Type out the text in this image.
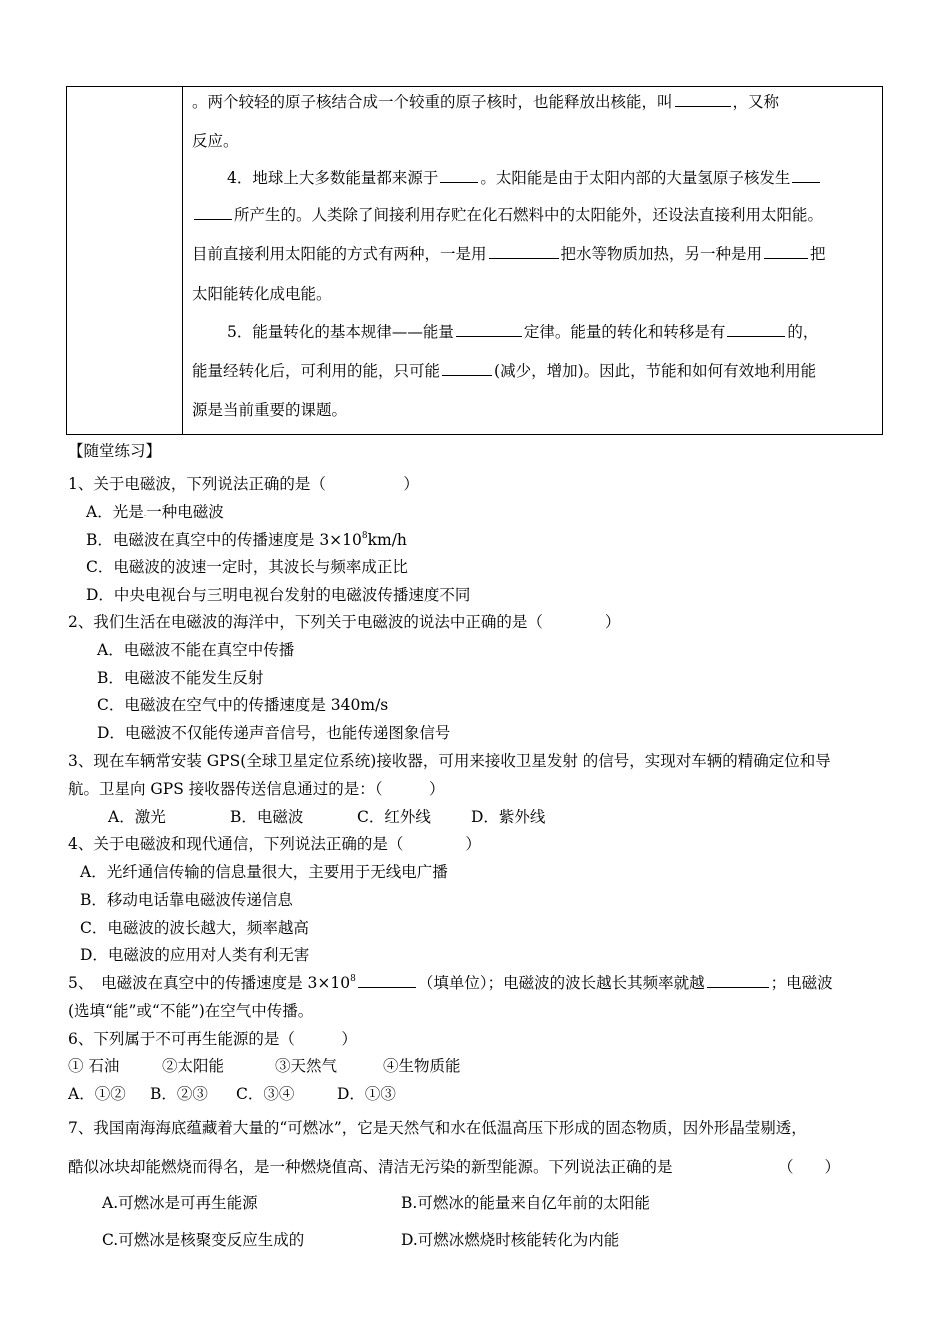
。两个较轻的原子核结合成一个较重的原子核时，也能释放出核能，叫	，又称
反应。
4．地球上大多数能量都来源于	。太阳能是由于太阳内部的大量氢原子核发生
所产生的。人类除了间接利用存贮在化石燃料中的太阳能外，还设法直接利用太阳能。
目前直接利用太阳能的方式有两种，一是用	把水等物质加热，另一种是用	把
太阳能转化成电能。
5．能量转化的基本规律——能量	定律。能量的转化和转移是有	的，
能量经转化后，可利用的能，只可能	(减少，增加)。因此，节能和如何有效地利用能
源是当前重要的课题。
【随堂练习】
1、关于电磁波，下列说法正确的是（　　　　　）
A．光是.一种电磁波
B．电磁波在真空中的传播速度是 $3\times 10^8km/h$
C．电磁波的波速一定时，其波长与频率成正比
D．中央电视台与三明电视台发射的电磁波传播速度不同
2、我们生活在电磁波的海洋中，下列关于电磁波的说法中正确的是（　　　　）
A．电磁波不能在真空中传播
B．电磁波不能发生反射
C．电磁波在空气中的传播速度是 340m/s
D．电磁波不仅能传递声音信号，也能传递图象信号
3、现在车辆常安装 GPS(全球卫星定位系统)接收器，可用来接收卫星发射 的信号，实现对车辆的精确定位和导
航。卫星向 GPS 接收器传送信息通过的是：（　　　）
A．激光	B．电磁波	C．红外线	D．紫外线
4、关于电磁波和现代通信，下列说法正确的是（　　　　）
A．光纤通信传输的信息量很大，主要用于无线电广播
B．移动电话靠电磁波传递信息
C．电磁波的波长越大，频率越高
D．电磁波的应用对人类有利无害
5、　电磁波在真空中的传播速度是 $3\times 10^8$	（填单位）；电磁波的波长越长其频率就越	；电磁波
(选填“能”或“不能”)在空气中传播。
6、下列属于不可再生能源的是（　　　）
① 石油	②太阳能	③天然气	④生物质能
A．①② B．②③ C．③④	D．①③
7、我国南海海底蕴藏着大量的“可燃冰”，它是天然气和水在低温高压下形成的固态物质，因外形晶莹剔透，
酷似冰块却能燃烧而得名，是一种燃烧值高、清洁无污染的新型能源。下列说法正确的是	（　　）
A.可燃冰是可再生能源	B.可燃冰的能量来自亿年前的太阳能
C.可燃冰是核聚变反应生成的	D.可燃冰燃烧时核能转化为内能
